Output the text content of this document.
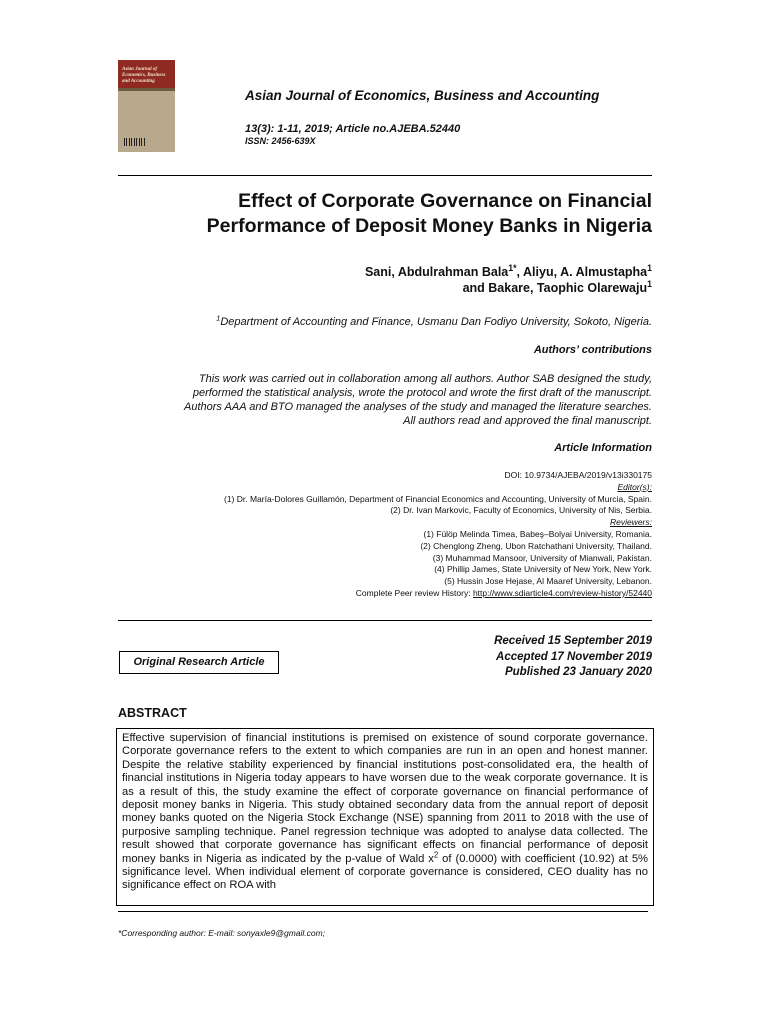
Asian Journal of
Economics, Business
and Accounting
Asian Journal of Economics, Business and Accounting
13(3): 1-11, 2019; Article no.AJEBA.52440
ISSN: 2456-639X
Effect of Corporate Governance on Financial
Performance of Deposit Money Banks in Nigeria
Sani, Abdulrahman Bala$^{1*}$, Aliyu, A. Almustapha$^1$
and Bakare, Taophic Olarewaju$^1$
$^1$Department of Accounting and Finance, Usmanu Dan Fodiyo University, Sokoto, Nigeria.
Authors’ contributions
This work was carried out in collaboration among all authors. Author SAB designed the study,
performed the statistical analysis, wrote the protocol and wrote the first draft of the manuscript.
Authors AAA and BTO managed the analyses of the study and managed the literature searches.
All authors read and approved the final manuscript.
Article Information
DOI: 10.9734/AJEBA/2019/v13i330175
Editor(s):
(1) Dr. María-Dolores Guillamón, Department of Financial Economics and Accounting, University of Murcia, Spain.
(2) Dr. Ivan Markovic, Faculty of Economics, University of Nis, Serbia.
Reviewers:
(1) Fülöp Melinda Timea, Babeş–Bolyai University, Romania.
(2) Chenglong Zheng, Ubon Ratchathani University, Thailand.
(3) Muhammad Mansoor, University of Mianwali, Pakistan.
(4) Phillip James, State University of New York, New York.
(5) Hussin Jose Hejase, Al Maaref University, Lebanon.
Complete Peer review History: http://www.sdiarticle4.com/review-history/52440
Received 15 September 2019
Accepted 17 November 2019
Published 23 January 2020
Original Research Article
ABSTRACT
Effective supervision of financial institutions is premised on existence of sound corporate governance. Corporate governance refers to the extent to which companies are run in an open and honest manner. Despite the relative stability experienced by financial institutions post-consolidated era, the health of financial institutions in Nigeria today appears to have worsen due to the weak corporate governance. It is as a result of this, the study examine the effect of corporate governance on financial performance of deposit money banks in Nigeria. This study obtained secondary data from the annual report of deposit money banks quoted on the Nigeria Stock Exchange (NSE) spanning from 2011 to 2018 with the use of purposive sampling technique. Panel regression technique was adopted to analyse data collected. The result showed that corporate governance has significant effects on financial performance of deposit money banks in Nigeria as indicated by the p-value of Wald $x^2$ of (0.0000) with coefficient (10.92) at 5% significance level. When individual element of corporate governance is considered, CEO duality has no significance effect on ROA with
*Corresponding author: E-mail: sonyaxle9@gmail.com;
